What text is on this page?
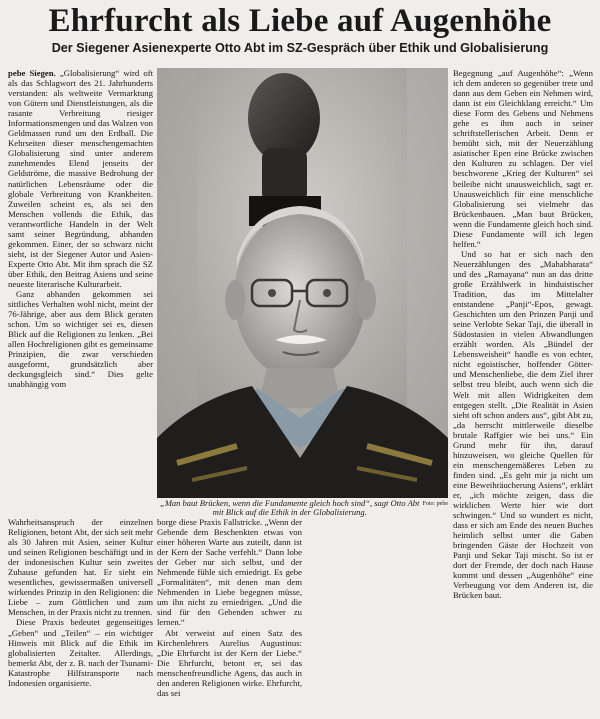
Ehrfurcht als Liebe auf Augenhöhe
Der Siegener Asienexperte Otto Abt im SZ-Gespräch über Ethik und Globalisierung

pebe Siegen. „Globalisierung“ wird oft als das Schlagwort des 21. Jahrhunderts verstanden: als weltweite Vermarktung von Gütern und Dienstleistungen, als die rasante Verbreitung riesiger Informationsmengen und das Walzen von Geldmassen rund um den Erdball. Die Kehrseiten dieser menschengemachten Globalisierung sind unter anderem zunehmendes Elend jenseits der Geldströme, die massive Bedrohung der natürlichen Lebensräume oder die globale Verbreitung von Krankheiten. Zuweilen scheint es, als sei den Menschen vollends die Ethik, das verantwortliche Handeln in der Welt samt seiner Begründung, abhanden gekommen. Einer, der so schwarz nicht sieht, ist der Siegener Autor und Asien-Experte Otto Abt. Mit ihm sprach die SZ über Ethik, den Beitrag Asiens und seine neueste literarische Kulturarbeit.

Ganz abhanden gekommen sei sittliches Verhalten wohl nicht, meint der 76-Jährige, aber aus dem Blick geraten schon. Um so wichtiger sei es, diesen Blick auf die Religionen zu lenken. „Bei allen Hochreligionen gibt es gemeinsame Prinzipien, die zwar verschieden ausgeformt, grundsätzlich aber deckungsgleich sind.“ Dies gelte unabhängig vom

Foto: pebe
„Man baut Brücken, wenn die Fundamente gleich hoch sind“, sagt Otto Abt mit Blick auf die Ethik in der Globalisierung.

Begegnung „auf Augenhöhe“: „Wenn ich dem anderen so gegenüber trete und dann aus dem Geben ein Nehmen wird, dann ist ein Gleichklang erreicht.“ Um diese Form des Gebens und Nehmens gehe es ihm auch in seiner schriftstellerischen Arbeit. Denn er bemüht sich, mit der Neuerzählung asiatischer Epen eine Brücke zwischen den Kulturen zu schlagen. Der viel beschworene „Krieg der Kulturen“ sei beileibe nicht unausweichlich, sagt er. Unausweichlich für eine menschliche Globalisierung sei vielmehr das Brückenbauen. „Man baut Brücken, wenn die Fundamente gleich hoch sind. Diese Fundamente will ich legen helfen.“

Und so hat er sich nach den Neuerzählungen des „Mahabharata“ und des „Ramayana“ nun an das dritte große Erzählwerk in hinduistischer Tradition, das im Mittelalter entstandene „Panji“-Epos, gewagt. Geschichten um den Prinzen Panji und seine Verlobte Sekar Taji, die überall in Südostasien in vielen Abwandlungen erzählt worden. Als „Bündel der Lebensweisheit“ handle es von echter, nicht egoistischer, hoffender Götter- und Menschenliebe, die dem Ziel ihrer selbst treu bleibt, auch wenn sich die Welt mit allen Widrigkeiten dem entgegen stellt. „Die Realität in Asien sieht oft schon anders aus“, gibt Abt zu, „da herrscht mittlerweile dieselbe brutale Raffgier wie bei uns.“ Ein Grund mehr für ihn, darauf hinzuweisen, wo gleiche Quellen für ein menschengemäßeres Leben zu finden sind. „Es geht mir ja nicht um eine Beweihräucherung Asiens“, erklärt er, „ich möchte zeigen, dass die wirklichen Werte hier wie dort schwingen.“ Und so wundert es nicht, dass er sich am Ende des neuen Buches heimlich selbst unter die Gaben bringenden Gäste der Hochzeit von Panji und Sekar Taji mischt. So ist er dort der Fremde, der doch nach Hause kommt und dessen „Augenhöhe“ eine Verbeugung vor dem Anderen ist, die Brücken baut.

Wahrheitsanspruch der einzelnen Religionen, betont Abt, der sich seit mehr als 30 Jahren mit Asien, seiner Kultur und seinen Religionen beschäftigt und in der indonesischen Kultur sein zweites Zuhause gefunden hat. Er sieht ein wesentliches, gewissermaßen universell wirkendes Prinzip in den Religionen: die Liebe – zum Göttlichen und zum Menschen, in der Praxis nicht zu trennen.

Diese Praxis bedeutet gegenseitiges „Geben“ und „Teilen“ – ein wichtiger Hinweis mit Blick auf die Ethik im globalisierten Zeitalter. Allerdings, bemerkt Abt, der z. B. nach der Tsunami-Katastrophe Hilfstransporte nach Indonesien organisierte.

borge diese Praxis Fallstricke. „Wenn der Gebende dem Beschenkten etwas von einer höheren Warte aus zuteilt, dann ist der Kern der Sache verfehlt.“ Dann lobe der Geber nur sich selbst, und der Nehmende fühle sich erniedrigt. Es gebe „Formalitäten“, mit denen man dem Nehmenden in Liebe begegnen müsse, um ihn nicht zu erniedrigen. „Und die sind für den Gebenden schwer zu lernen.“

Abt verweist auf einen Satz des Kirchenlehrers Aurelius Augustinus: „Die Ehrfurcht ist der Kern der Liebe.“ Die Ehrfurcht, betont er, sei das menschenfreundliche Agens, das auch in den anderen Religionen wirke. Ehrfurcht, das sei
